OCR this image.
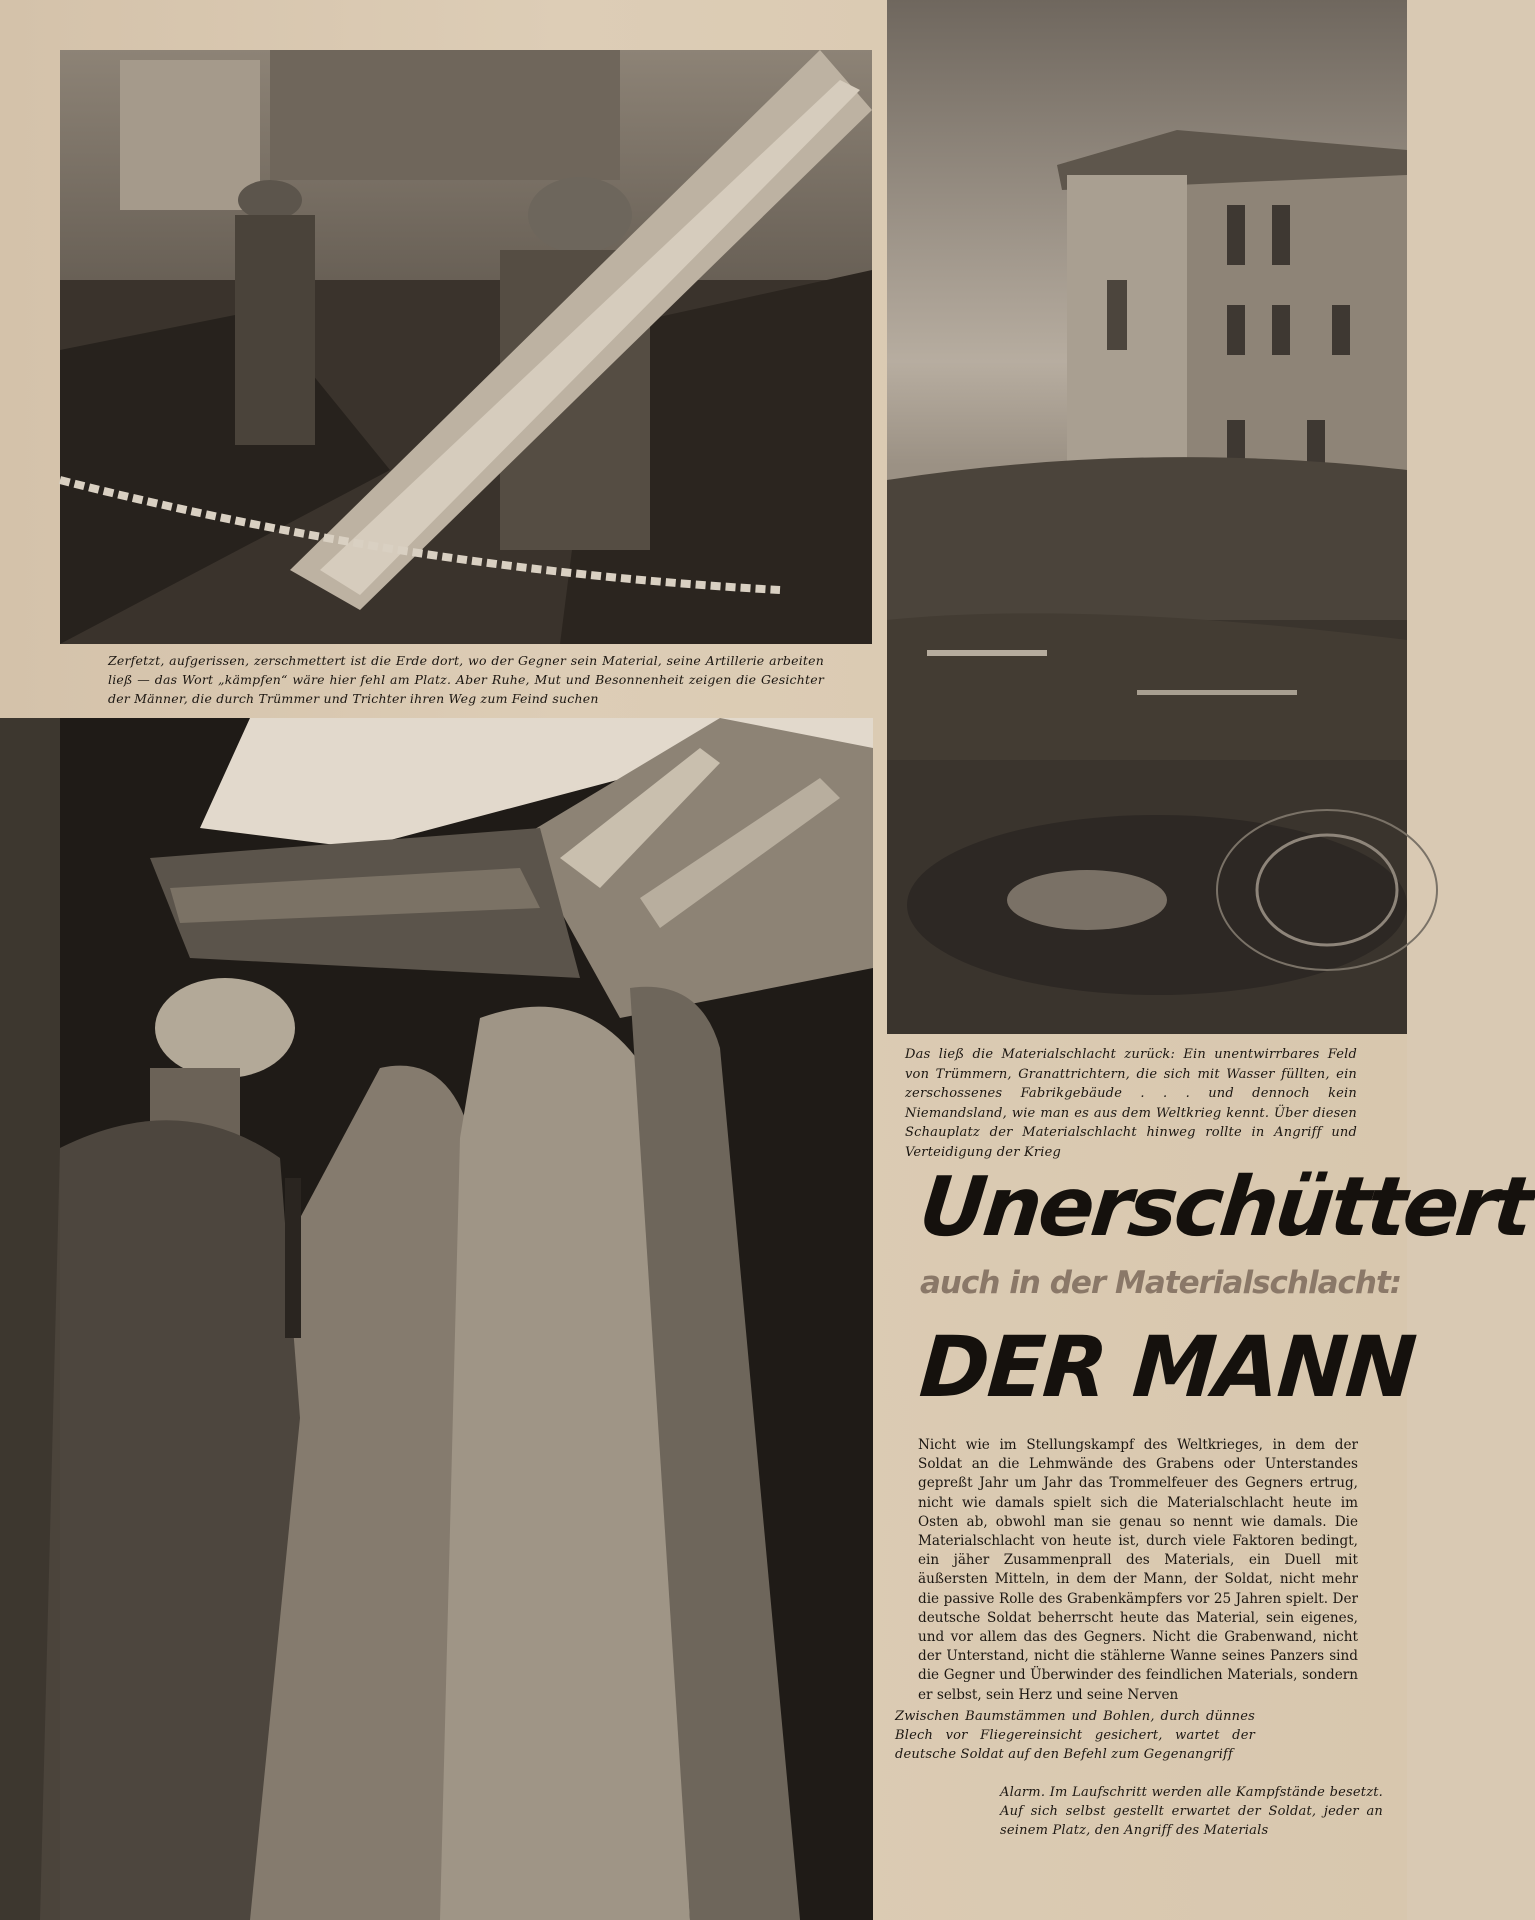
Zerfetzt, aufgerissen, zerschmettert ist die Erde dort, wo der Gegner sein Material, seine Artillerie arbeiten ließ — das Wort „kämpfen“ wäre hier fehl am Platz. Aber Ruhe, Mut und Besonnenheit zeigen die Gesichter der Männer, die durch Trümmer und Trichter ihren Weg zum Feind suchen
Das ließ die Materialschlacht zurück: Ein unentwirrbares Feld von Trümmern, Granattrichtern, die sich mit Wasser füllten, ein zerschossenes Fabrikgebäude . . . und dennoch kein Niemandsland, wie man es aus dem Weltkrieg kennt. Über diesen Schauplatz der Materialschlacht hinweg rollte in Angriff und Verteidigung der Krieg
Unerschüttert
auch in der Materialschlacht:
DER MANN
Nicht wie im Stellungskampf des Weltkrieges, in dem der Soldat an die Lehmwände des Grabens oder Unterstandes gepreßt Jahr um Jahr das Trommelfeuer des Gegners ertrug, nicht wie damals spielt sich die Materialschlacht heute im Osten ab, obwohl man sie genau so nennt wie damals. Die Materialschlacht von heute ist, durch viele Faktoren bedingt, ein jäher Zusammenprall des Materials, ein Duell mit äußersten Mitteln, in dem der Mann, der Soldat, nicht mehr die passive Rolle des Grabenkämpfers vor 25 Jahren spielt. Der deutsche Soldat beherrscht heute das Material, sein eigenes, und vor allem das des Gegners. Nicht die Grabenwand, nicht der Unterstand, nicht die stählerne Wanne seines Panzers sind die Gegner und Überwinder des feindlichen Materials, sondern er selbst, sein Herz und seine Nerven
Zwischen Baumstämmen und Bohlen, durch dünnes Blech vor Fliegereinsicht gesichert, wartet der deutsche Soldat auf den Befehl zum Gegenangriff
Alarm. Im Laufschritt werden alle Kampfstände besetzt. Auf sich selbst gestellt erwartet der Soldat, jeder an seinem Platz, den Angriff des Materials
